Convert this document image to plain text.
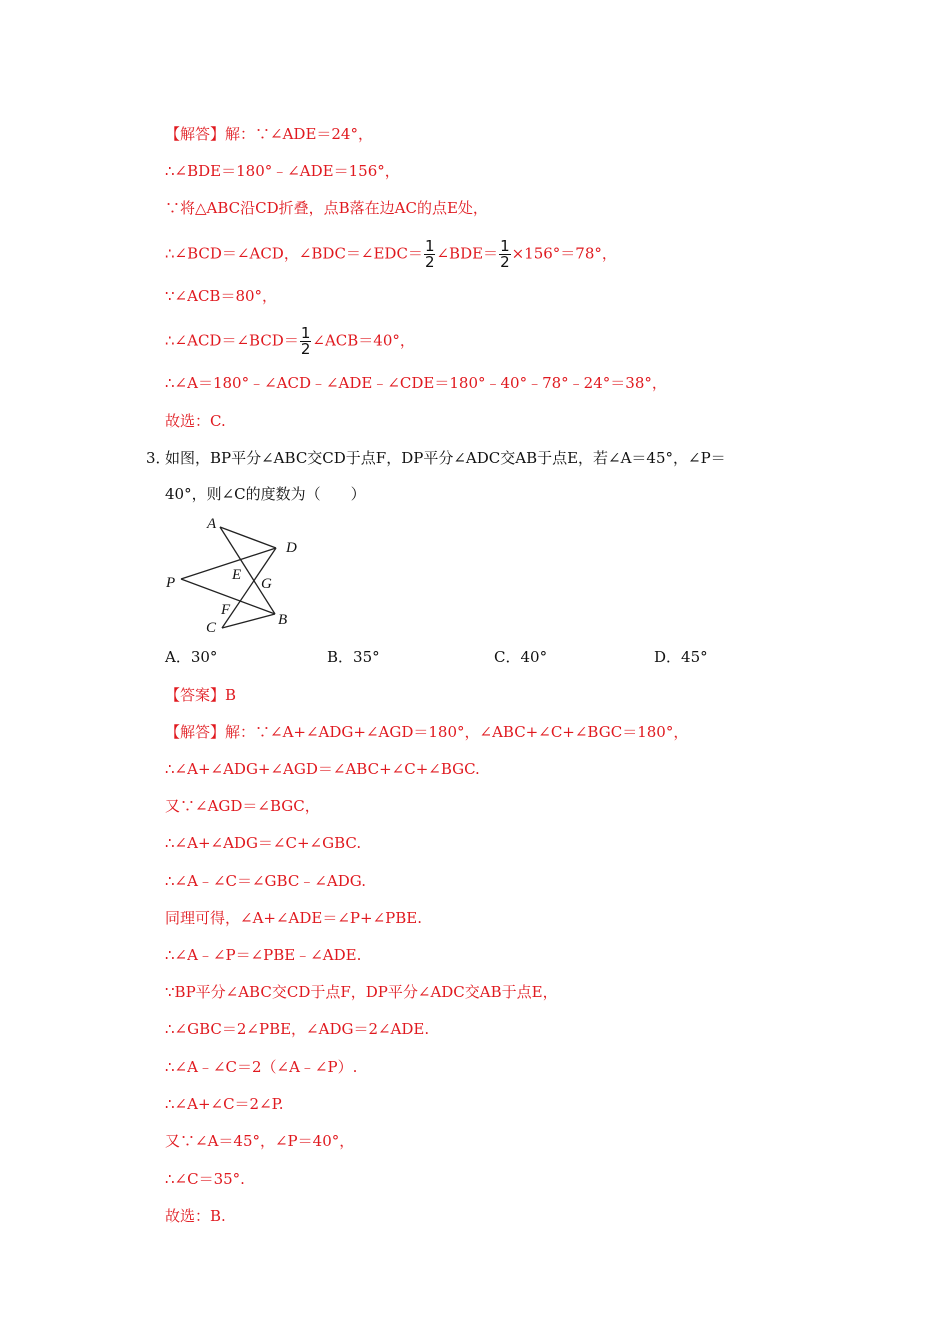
【解答】解：∵∠ADE＝24°，
∴∠BDE＝180°﹣∠ADE＝156°，
∵将△ABC沿CD折叠，点B落在边AC的点E处，
∴∠BCD＝∠ACD，∠BDC＝∠EDC＝ $\frac{1}{2}$ ∠BDE＝ $\frac{1}{2} \times 156^\circ=78^\circ$，
∵∠ACB＝80°，
∴∠ACD＝∠BCD＝ $\frac{1}{2}$ ∠ACB＝40°，
∴∠A＝180°﹣∠ACD﹣∠ADE﹣∠CDE＝180°﹣40°﹣78°﹣24°＝38°，
故选：C.
3．
如图，BP平分∠ABC交CD于点F，DP平分∠ADC交AB于点E，若∠A＝45°，∠P＝
40°，则∠C的度数为（　　）
A
D
P	E
G
F
C	B
A．30°	B．35°	C．40°	D．45°
【答案】B
【解答】解：∵∠A+∠ADG+∠AGD＝180°，∠ABC+∠C+∠BGC＝180°，
∴∠A+∠ADG+∠AGD＝∠ABC+∠C+∠BGC.
又∵∠AGD＝∠BGC，
∴∠A+∠ADG＝∠C+∠GBC.
∴∠A﹣∠C＝∠GBC﹣∠ADG.
同理可得，∠A+∠ADE＝∠P+∠PBE.
∴∠A﹣∠P＝∠PBE﹣∠ADE.
∵BP平分∠ABC交CD于点F，DP平分∠ADC交AB于点E，
∴∠GBC＝2∠PBE，∠ADG＝2∠ADE.
∴∠A﹣∠C＝2（∠A﹣∠P）.
∴∠A+∠C＝2∠P.
又∵∠A＝45°，∠P＝40°，
∴∠C＝35°.
故选：B.
